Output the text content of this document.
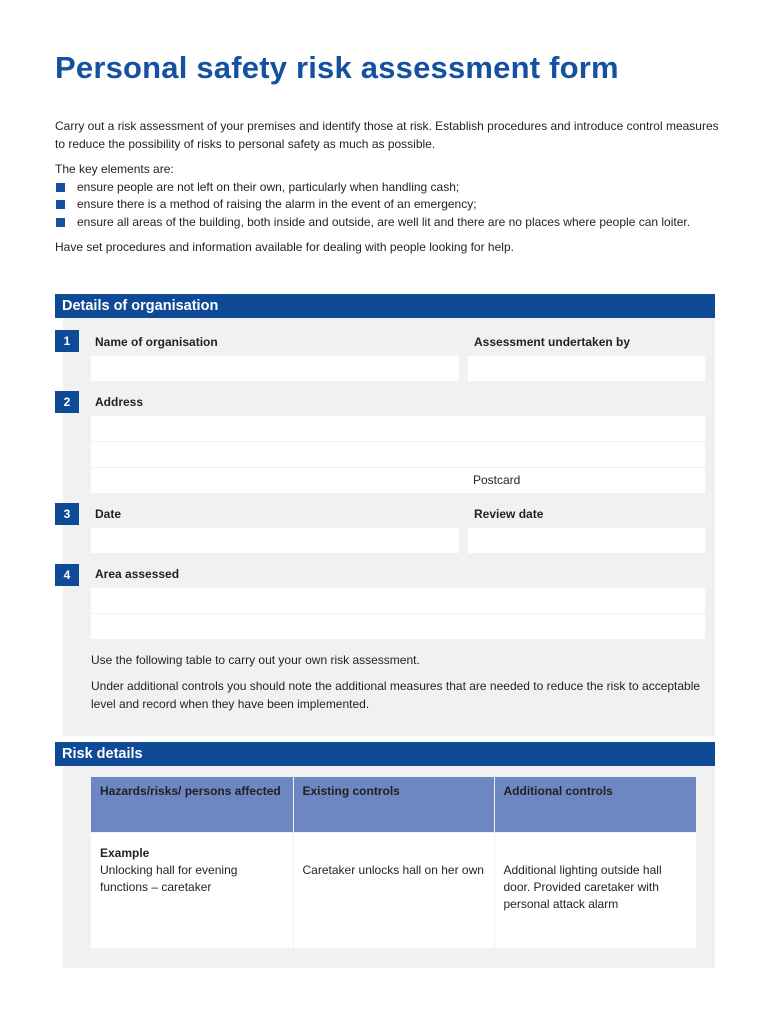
Personal safety risk assessment form

Carry out a risk assessment of your premises and identify those at risk. Establish procedures and introduce control measures to reduce the possibility of risks to personal safety as much as possible.

The key elements are:

ensure people are not left on their own, particularly when handling cash;
ensure there is a method of raising the alarm in the event of an emergency;
ensure all areas of the building, both inside and outside, are well lit and there are no places where people can loiter.

Have set procedures and information available for dealing with people looking for help.

Details of organisation
1	Name of organisation	Assessment undertaken by
2	Address
Postcard
3	Date	Review date
4	Area assessed
Use the following table to carry out your own risk assessment.
Under additional controls you should note the additional measures that are needed to reduce the risk to acceptable level and record when they have been implemented.
Risk details
Hazards/risks/ persons affected	Existing controls	Additional controls

Example
Unlocking hall for evening functions – caretaker	Caretaker unlocks hall on her own	Additional lighting outside hall door. Provided caretaker with personal attack alarm
